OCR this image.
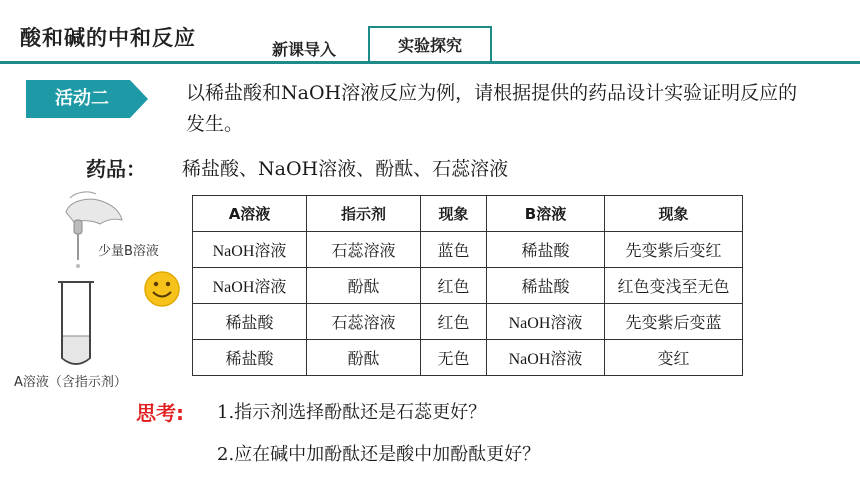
酸和碱的中和反应	新课导入	实验探究
活动二	以稀盐酸和NaOH溶液反应为例，请根据提供的药品设计实验证明反应的发生。
药品： 稀盐酸、NaOH溶液、酚酞、石蕊溶液
少量B溶液
A溶液（含指示剂）
A溶液	指示剂	现象	B溶液	现象
NaOH溶液	石蕊溶液	蓝色	稀盐酸	先变紫后变红
NaOH溶液	酚酞	红色	稀盐酸	红色变浅至无色
稀盐酸	石蕊溶液	红色	NaOH溶液	先变紫后变蓝
稀盐酸	酚酞	无色	NaOH溶液	变红
思考: 1.指示剂选择酚酞还是石蕊更好？
2.应在碱中加酚酞还是酸中加酚酞更好？
